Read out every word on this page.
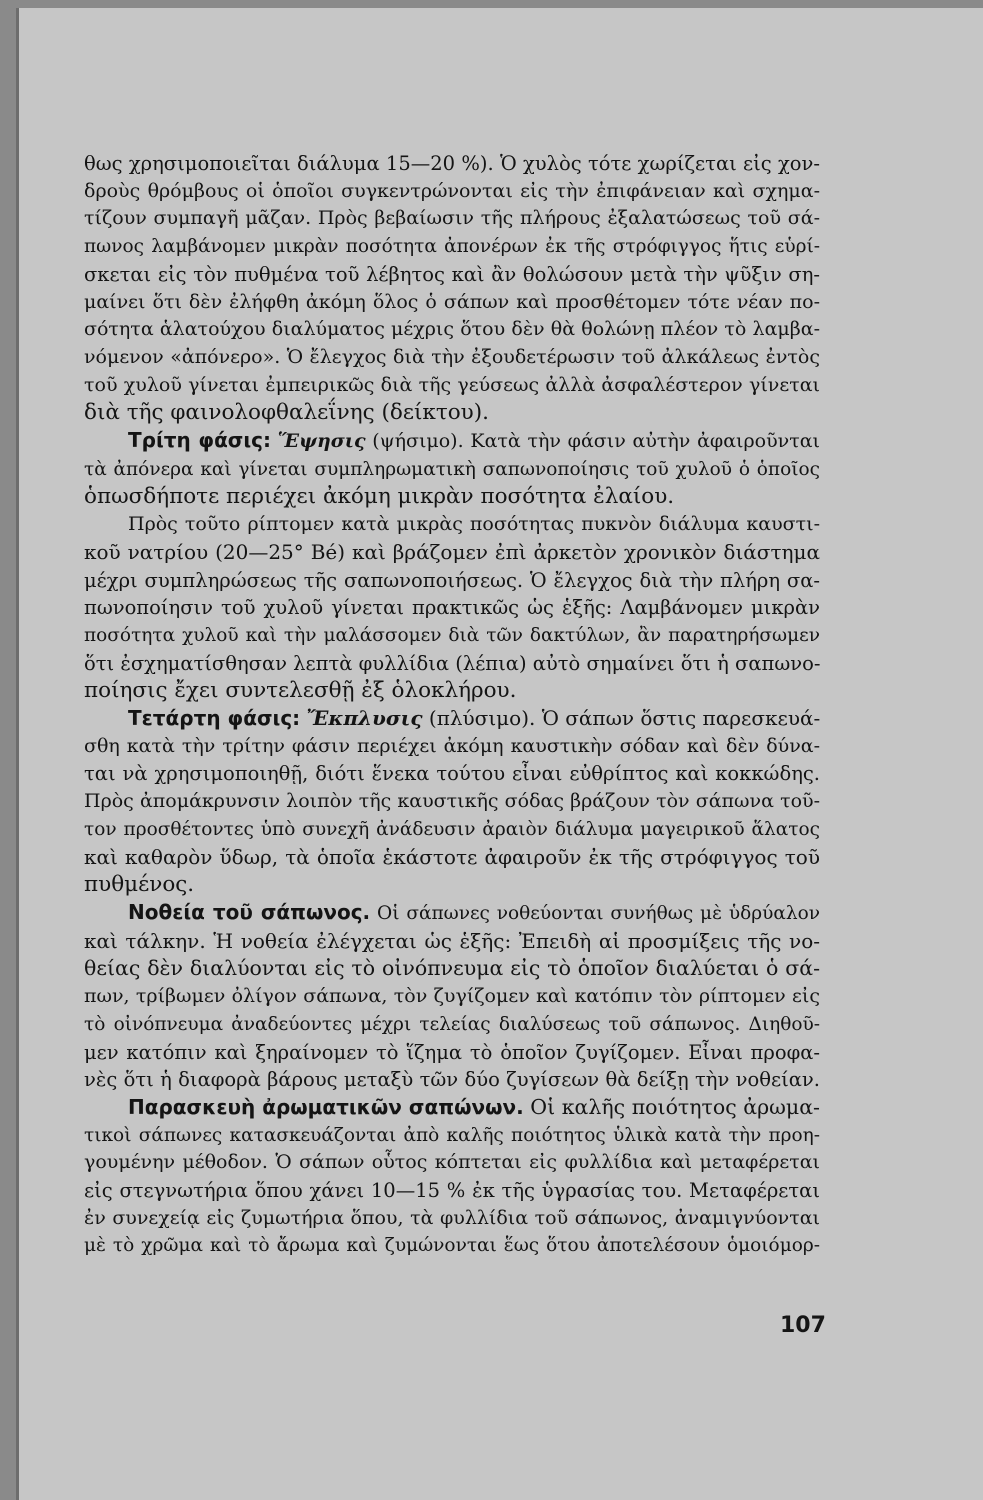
θως χρησιμοποιεῖται διάλυμα 15—20 %). Ὁ χυλὸς τότε χωρίζεται εἰς χον-
δροὺς θρόμβους οἱ ὁποῖοι συγκεντρώνονται εἰς τὴν ἐπιφάνειαν καὶ σχημα-
τίζουν συμπαγῆ μᾶζαν. Πρὸς βεβαίωσιν τῆς πλήρους ἐξαλατώσεως τοῦ σά-
πωνος λαμβάνομεν μικρὰν ποσότητα ἀπονέρων ἐκ τῆς στρόφιγγος ἥτις εὑρί-
σκεται εἰς τὸν πυθμένα τοῦ λέβητος καὶ ἂν θολώσουν μετὰ τὴν ψῦξιν ση-
μαίνει ὅτι δὲν ἐλήφθη ἀκόμη ὅλος ὁ σάπων καὶ προσθέτομεν τότε νέαν πο-
σότητα ἁλατούχου διαλύματος μέχρις ὅτου δὲν θὰ θολώνῃ πλέον τὸ λαμβα-
νόμενον «ἀπόνερο». Ὁ ἔλεγχος διὰ τὴν ἐξουδετέρωσιν τοῦ ἀλκάλεως ἐντὸς
τοῦ χυλοῦ γίνεται ἐμπειρικῶς διὰ τῆς γεύσεως ἀλλὰ ἀσφαλέστερον γίνεται
διὰ τῆς φαινολοφθαλεΐνης (δείκτου).
Τρίτη φάσις: Ἕψησις (ψήσιμο). Κατὰ τὴν φάσιν αὐτὴν ἀφαιροῦνται
τὰ ἀπόνερα καὶ γίνεται συμπληρωματικὴ σαπωνοποίησις τοῦ χυλοῦ ὁ ὁποῖος
ὁπωσδήποτε περιέχει ἀκόμη μικρὰν ποσότητα ἐλαίου.
Πρὸς τοῦτο ρίπτομεν κατὰ μικρὰς ποσότητας πυκνὸν διάλυμα καυστι-
κοῦ νατρίου (20—25° Bé) καὶ βράζομεν ἐπὶ ἀρκετὸν χρονικὸν διάστημα
μέχρι συμπληρώσεως τῆς σαπωνοποιήσεως. Ὁ ἔλεγχος διὰ τὴν πλήρη σα-
πωνοποίησιν τοῦ χυλοῦ γίνεται πρακτικῶς ὡς ἑξῆς: Λαμβάνομεν μικρὰν
ποσότητα χυλοῦ καὶ τὴν μαλάσσομεν διὰ τῶν δακτύλων, ἂν παρατηρήσωμεν
ὅτι ἐσχηματίσθησαν λεπτὰ φυλλίδια (λέπια) αὐτὸ σημαίνει ὅτι ἡ σαπωνο-
ποίησις ἔχει συντελεσθῇ ἐξ ὁλοκλήρου.
Τετάρτη φάσις: Ἔκπλυσις (πλύσιμο). Ὁ σάπων ὅστις παρεσκευά-
σθη κατὰ τὴν τρίτην φάσιν περιέχει ἀκόμη καυστικὴν σόδαν καὶ δὲν δύνα-
ται νὰ χρησιμοποιηθῇ, διότι ἕνεκα τούτου εἶναι εὐθρίπτος καὶ κοκκώδης.
Πρὸς ἀπομάκρυνσιν λοιπὸν τῆς καυστικῆς σόδας βράζουν τὸν σάπωνα τοῦ-
τον προσθέτοντες ὑπὸ συνεχῆ ἀνάδευσιν ἀραιὸν διάλυμα μαγειρικοῦ ἅλατος
καὶ καθαρὸν ὕδωρ, τὰ ὁποῖα ἑκάστοτε ἀφαιροῦν ἐκ τῆς στρόφιγγος τοῦ
πυθμένος.
Νοθεία τοῦ σάπωνος. Οἱ σάπωνες νοθεύονται συνήθως μὲ ὑδρύαλον
καὶ τάλκην. Ἡ νοθεία ἐλέγχεται ὡς ἑξῆς: Ἐπειδὴ αἱ προσμίξεις τῆς νο-
θείας δὲν διαλύονται εἰς τὸ οἰνόπνευμα εἰς τὸ ὁποῖον διαλύεται ὁ σά-
πων, τρίβωμεν ὀλίγον σάπωνα, τὸν ζυγίζομεν καὶ κατόπιν τὸν ρίπτομεν εἰς
τὸ οἰνόπνευμα ἀναδεύοντες μέχρι τελείας διαλύσεως τοῦ σάπωνος. Διηθοῦ-
μεν κατόπιν καὶ ξηραίνομεν τὸ ἵζημα τὸ ὁποῖον ζυγίζομεν. Εἶναι προφα-
νὲς ὅτι ἡ διαφορὰ βάρους μεταξὺ τῶν δύο ζυγίσεων θὰ δείξῃ τὴν νοθείαν.
Παρασκευὴ ἀρωματικῶν σαπώνων. Οἱ καλῆς ποιότητος ἀρωμα-
τικοὶ σάπωνες κατασκευάζονται ἀπὸ καλῆς ποιότητος ὑλικὰ κατὰ τὴν προη-
γουμένην μέθοδον. Ὁ σάπων οὗτος κόπτεται εἰς φυλλίδια καὶ μεταφέρεται
εἰς στεγνωτήρια ὅπου χάνει 10—15 % ἐκ τῆς ὑγρασίας του. Μεταφέρεται
ἐν συνεχείᾳ εἰς ζυμωτήρια ὅπου, τὰ φυλλίδια τοῦ σάπωνος, ἀναμιγνύονται
μὲ τὸ χρῶμα καὶ τὸ ἄρωμα καὶ ζυμώνονται ἕως ὅτου ἀποτελέσουν ὁμοιόμορ-
107
